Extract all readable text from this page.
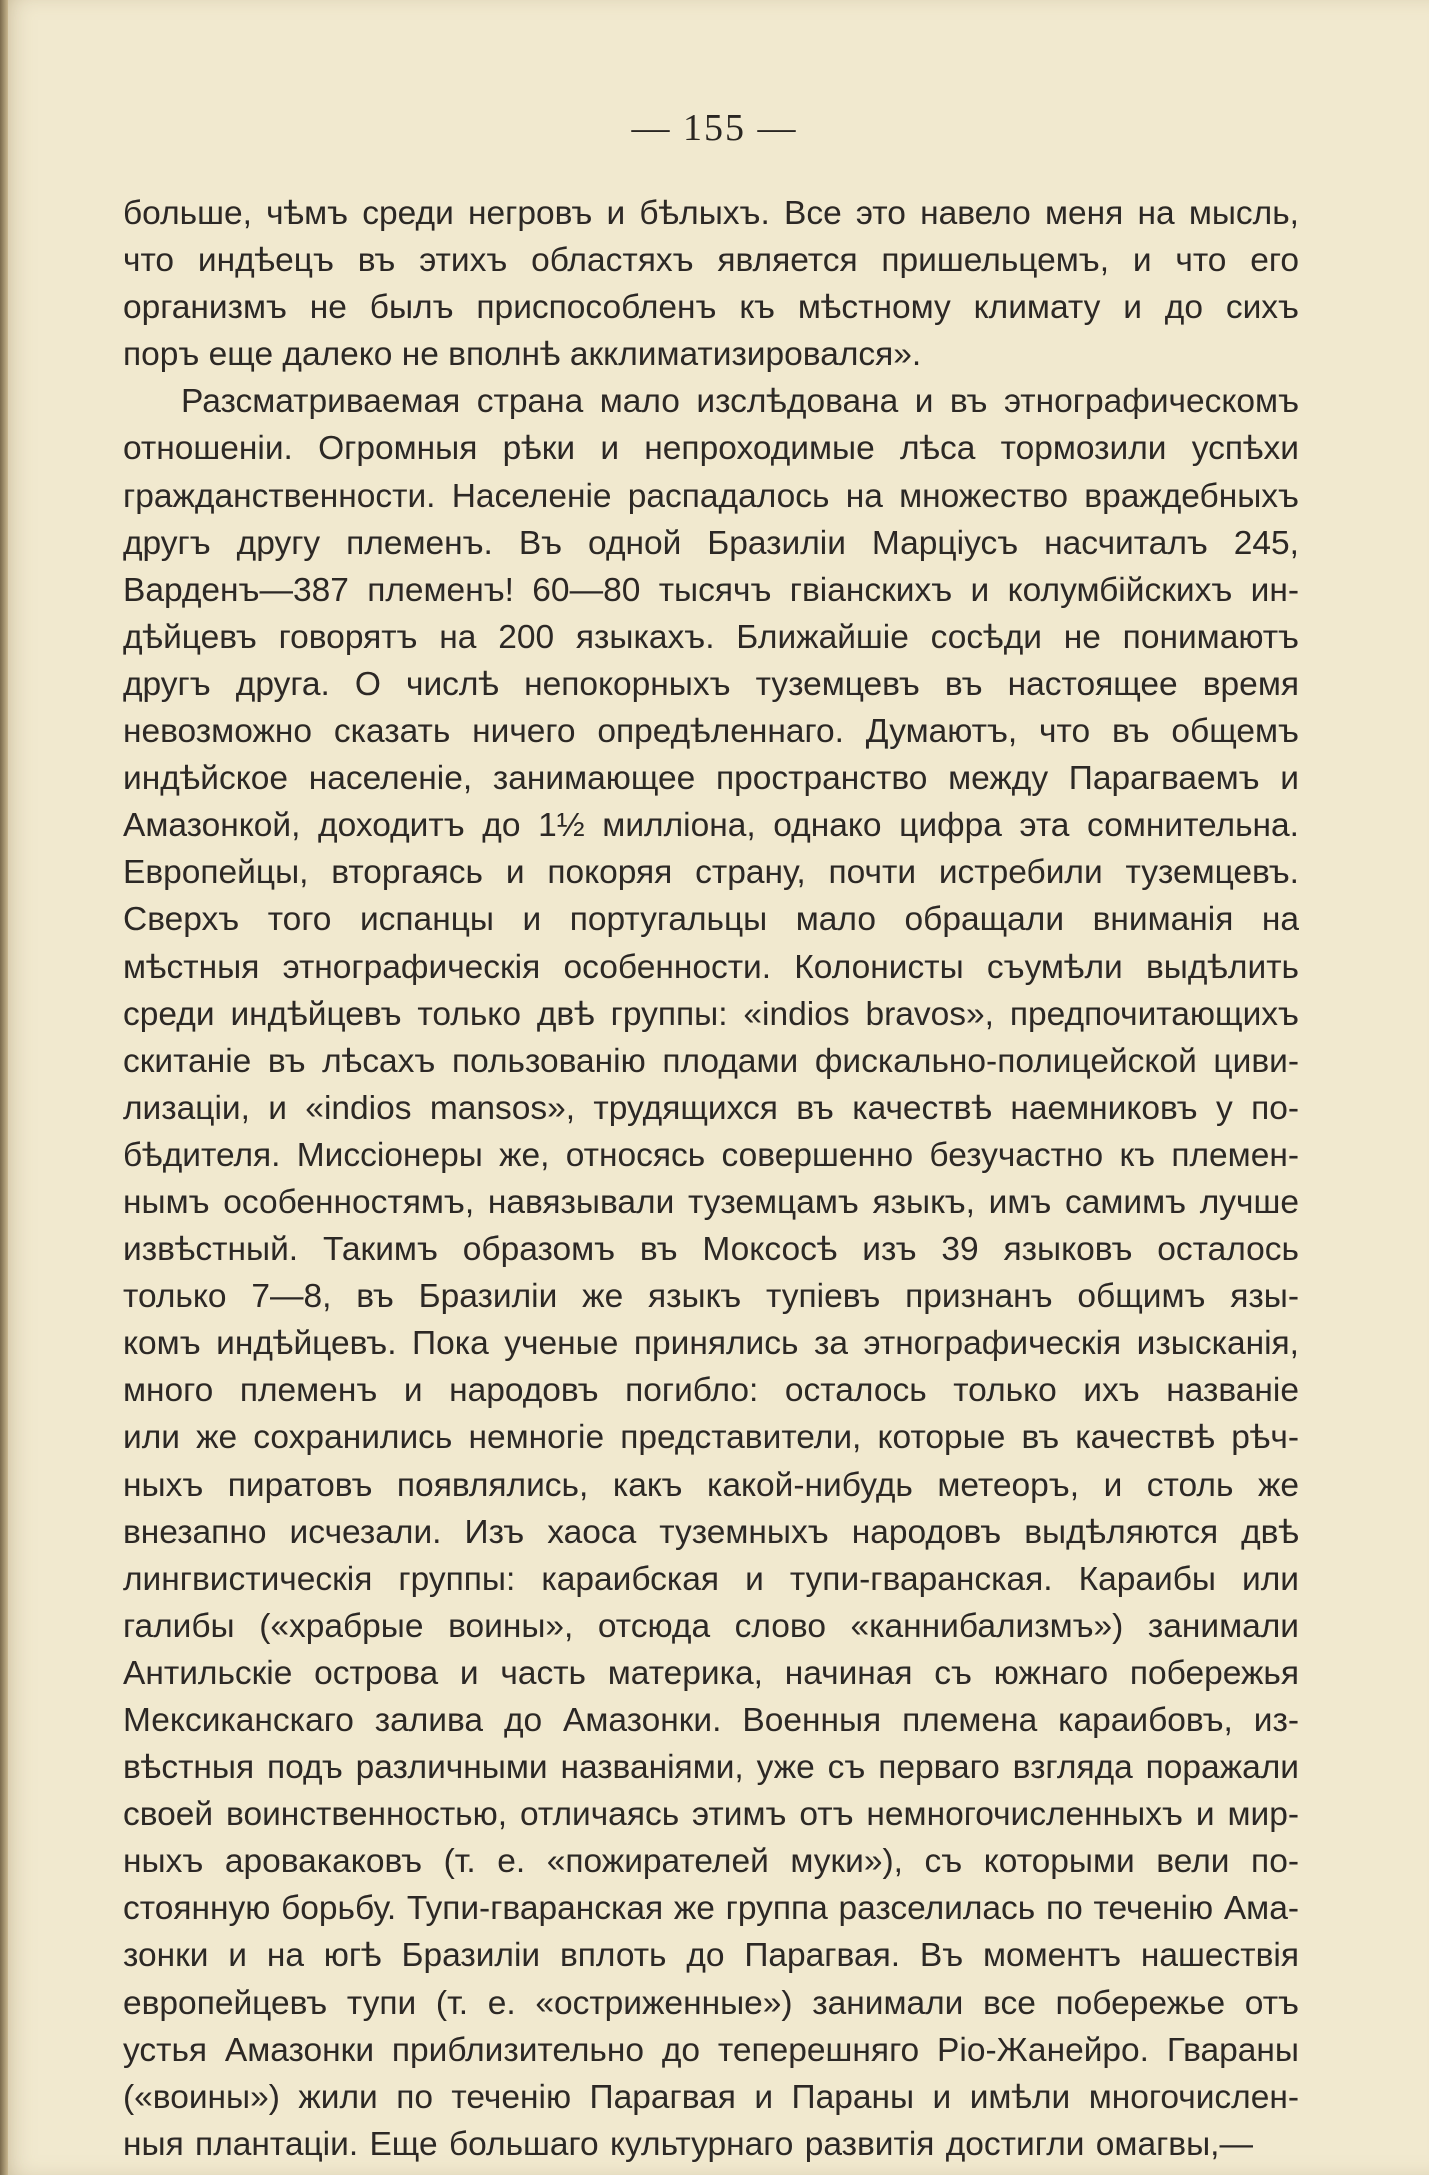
— 155 —
больше, чѣмъ среди негровъ и бѣлыхъ. Все это навело меня на мысль,
что индѣецъ въ этихъ областяхъ является пришельцемъ, и что его
организмъ не былъ приспособленъ къ мѣстному климату и до сихъ
поръ еще далеко не вполнѣ акклиматизировался».
Разсматриваемая страна мало изслѣдована и въ этнографическомъ
отношеніи. Огромныя рѣки и непроходимые лѣса тормозили успѣхи
гражданственности. Населеніе распадалось на множество враждебныхъ
другъ другу племенъ. Въ одной Бразиліи Марціусъ насчиталъ 245,
Варденъ—387 племенъ! 60—80 тысячъ гвіанскихъ и колумбійскихъ ин-
дѣйцевъ говорятъ на 200 языкахъ. Ближайшіе сосѣди не понимаютъ
другъ друга. О числѣ непокорныхъ туземцевъ въ настоящее время
невозможно сказать ничего опредѣленнаго. Думаютъ, что въ общемъ
индѣйское населеніе, занимающее пространство между Парагваемъ и
Амазонкой, доходитъ до 1½ милліона, однако цифра эта сомнительна.
Европейцы, вторгаясь и покоряя страну, почти истребили туземцевъ.
Сверхъ того испанцы и португальцы мало обращали вниманія на
мѣстныя этнографическія особенности. Колонисты съумѣли выдѣлить
среди индѣйцевъ только двѣ группы: «indios bravos», предпочитающихъ
скитаніе въ лѣсахъ пользованію плодами фискально-полицейской циви-
лизаціи, и «indios mansos», трудящихся въ качествѣ наемниковъ у по-
бѣдителя. Миссіонеры же, относясь совершенно безучастно къ племен-
нымъ особенностямъ, навязывали туземцамъ языкъ, имъ самимъ лучше
извѣстный. Такимъ образомъ въ Моксосѣ изъ 39 языковъ осталось
только 7—8, въ Бразиліи же языкъ тупіевъ признанъ общимъ язы-
комъ индѣйцевъ. Пока ученые принялись за этнографическія изысканія,
много племенъ и народовъ погибло: осталось только ихъ названіе
или же сохранились немногіе представители, которые въ качествѣ рѣч-
ныхъ пиратовъ появлялись, какъ какой-нибудь метеоръ, и столь же
внезапно исчезали. Изъ хаоса туземныхъ народовъ выдѣляются двѣ
лингвистическія группы: караибская и тупи-гваранская. Караибы или
галибы («храбрые воины», отсюда слово «каннибализмъ») занимали
Антильскіе острова и часть материка, начиная съ южнаго побережья
Мексиканскаго залива до Амазонки. Военныя племена караибовъ, из-
вѣстныя подъ различными названіями, уже съ перваго взгляда поражали
своей воинственностью, отличаясь этимъ отъ немногочисленныхъ и мир-
ныхъ аровакаковъ (т. е. «пожирателей муки»), съ которыми вели по-
стоянную борьбу. Тупи-гваранская же группа разселилась по теченію Ама-
зонки и на югѣ Бразиліи вплоть до Парагвая. Въ моментъ нашествія
европейцевъ тупи (т. е. «остриженные») занимали все побережье отъ
устья Амазонки приблизительно до теперешняго Ріо-Жанейро. Гвараны
(«воины») жили по теченію Парагвая и Параны и имѣли многочислен-
ныя плантаціи. Еще большаго культурнаго развитія достигли омагвы,—
